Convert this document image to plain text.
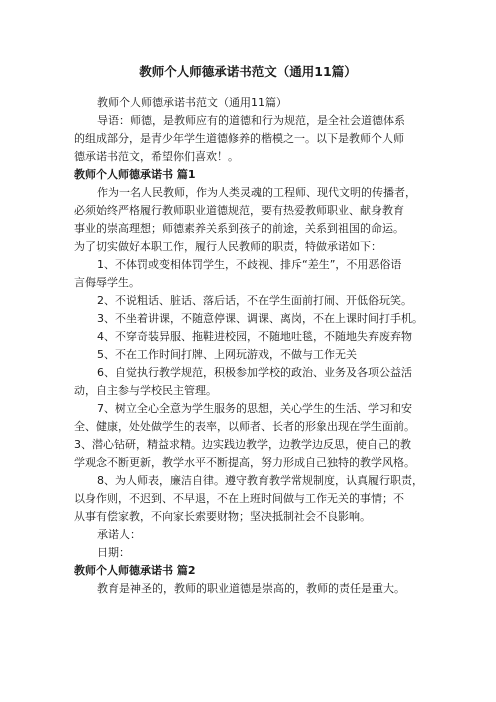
教师个人师德承诺书范文（通用11篇）
教师个人师德承诺书范文（通用11篇）
导语：师德，是教师应有的道德和行为规范，是全社会道德体系
的组成部分，是青少年学生道德修养的楷模之一。以下是教师个人师
德承诺书范文，希望你们喜欢！。
教师个人师德承诺书 篇1
作为一名人民教师，作为人类灵魂的工程师、现代文明的传播者，
必须始终严格履行教师职业道德规范，要有热爱教师职业、献身教育
事业的崇高理想；师德素养关系到孩子的前途，关系到祖国的命运。
为了切实做好本职工作，履行人民教师的职责，特做承诺如下：
1、不体罚或变相体罚学生，不歧视、排斥“差生”，不用恶俗语
言侮辱学生。
2、不说粗话、脏话、落后话，不在学生面前打闹、开低俗玩笑。
3、不坐着讲课，不随意停课、调课、离岗，不在上课时间打手机。
4、不穿奇装异服、拖鞋进校园，不随地吐毯，不随地失弃废弃物
5、不在工作时间打牌、上网玩游戏，不做与工作无关
6、自觉执行教学规范，积极参加学校的政治、业务及各项公益活
动，自主参与学校民主管理。
7、树立全心全意为学生服务的思想，关心学生的生活、学习和安
全、健康，处处做学生的表率，以师者、长者的形象出现在学生面前。
3、潜心钻研，精益求精。边实践边教学，边教学边反思，使自己的教
学观念不断更新，教学水平不断提高，努力形成自己独特的教学风格。
8、为人师表，廉洁自律。遵守教育教学常规制度，认真履行职责，
以身作则，不迟到、不早退，不在上班时间做与工作无关的事情；不
从事有偿家教，不向家长索要财物；坚决抵制社会不良影响。
承诺人：
日期：
教师个人师德承诺书 篇2
教育是神圣的，教师的职业道德是崇高的，教师的责任是重大。
